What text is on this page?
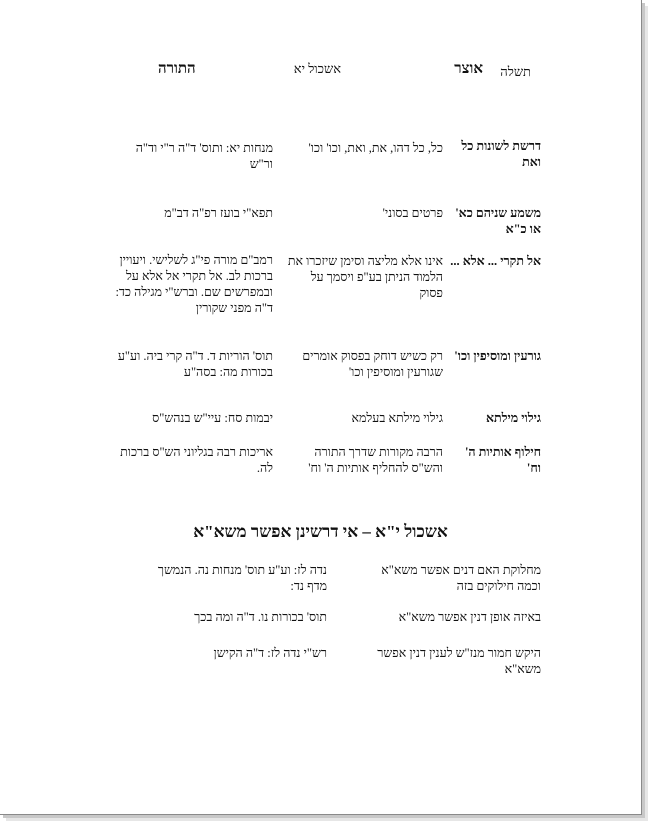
תשלה
אוצר
אשכול יא
התורה
דרשת לשונות כל ואת
כל, כל דהו, את, ואת, וכו' וכו'
מנחות יא: ותוס' ד"ה ר"י וד"ה ור"ש
משמע שניהם כא' או כ"א
פרטים בסוני'
תפא"י בועז רפ"ה דב"מ
אל תקרי ... אלא ...
אינו אלא מליצה וסימן שיזכרו את הלמוד הניתן בע"פ ויסמך על פסוק
רמב"ם מורה פי"ג לשלישי. ויעויין ברכות לב. אל תקרי אל אלא על ובמפרשים שם. וברש"י מגילה כד: ד"ה מפני שקורין
גורעין ומוסיפין וכו'
רק כשיש דוחק בפסוק אומרים שגורעין ומוסיפין וכו'
תוס' הוריות ד. ד"ה קרי ביה. וע"ע בכורות מה: בסה"ע
גילוי מילתא
גילוי מילתא בעלמא
יבמות סח: עיי"ש בנהש"ס
חילוף אותיות ה' וח'
הרבה מקורות שדרך התורה והש"ס להחליף אותיות ה' וח'
אריכות רבה בגליוני הש"ס ברכות לה.
אשכול י"א – אי דרשינן אפשר משא"א
מחלוקת האם דנים אפשר משא"א וכמה חילוקים בזה
נדה לז: וע"ע תוס' מנחות נה. הנמשך מדף נד:
באיזה אופן דנין אפשר משא"א
תוס' בכורות נו. ד"ה ומה בכך
היקש חמור מנז"ש לענין דנין אפשר משא"א
רש"י נדה לז: ד"ה הקישן
